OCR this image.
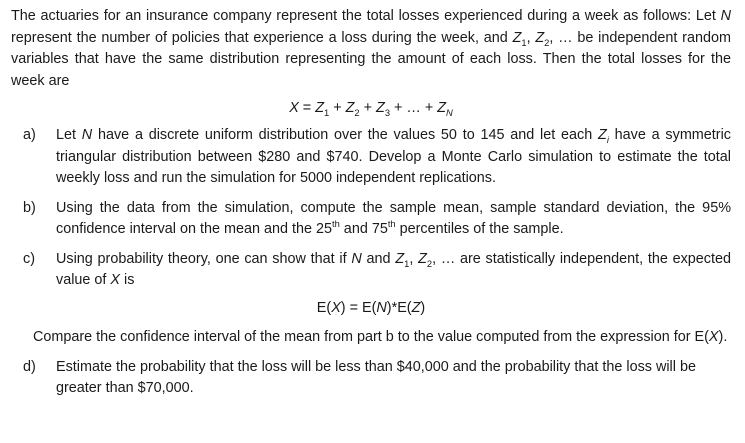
The actuaries for an insurance company represent the total losses experienced during a week as follows: Let N represent the number of policies that experience a loss during the week, and $Z_1$, $Z_2$, … be independent random variables that have the same distribution representing the amount of each loss. Then the total losses for the week are

$X = Z_1 + Z_2 + Z_3$ + … + $Z_N$
a)	Let N have a discrete uniform distribution over the values 50 to 145 and let each $Z_i$ have a symmetric triangular distribution between $280 and $740. Develop a Monte Carlo simulation to estimate the total weekly loss and run the simulation for 5000 independent replications.
b)	Using the data from the simulation, compute the sample mean, sample standard deviation, the 95% confidence interval on the mean and the 25th and 75th percentiles of the sample.
c)	Using probability theory, one can show that if N and $Z_1$, $Z_2$, … are statistically independent, the expected value of X is
E(X) = E(N)*E(Z)

Compare the confidence interval of the mean from part b to the value computed from the expression for E(X).

d)	Estimate the probability that the loss will be less than $40,000 and the probability that the loss will be greater than $70,000.
